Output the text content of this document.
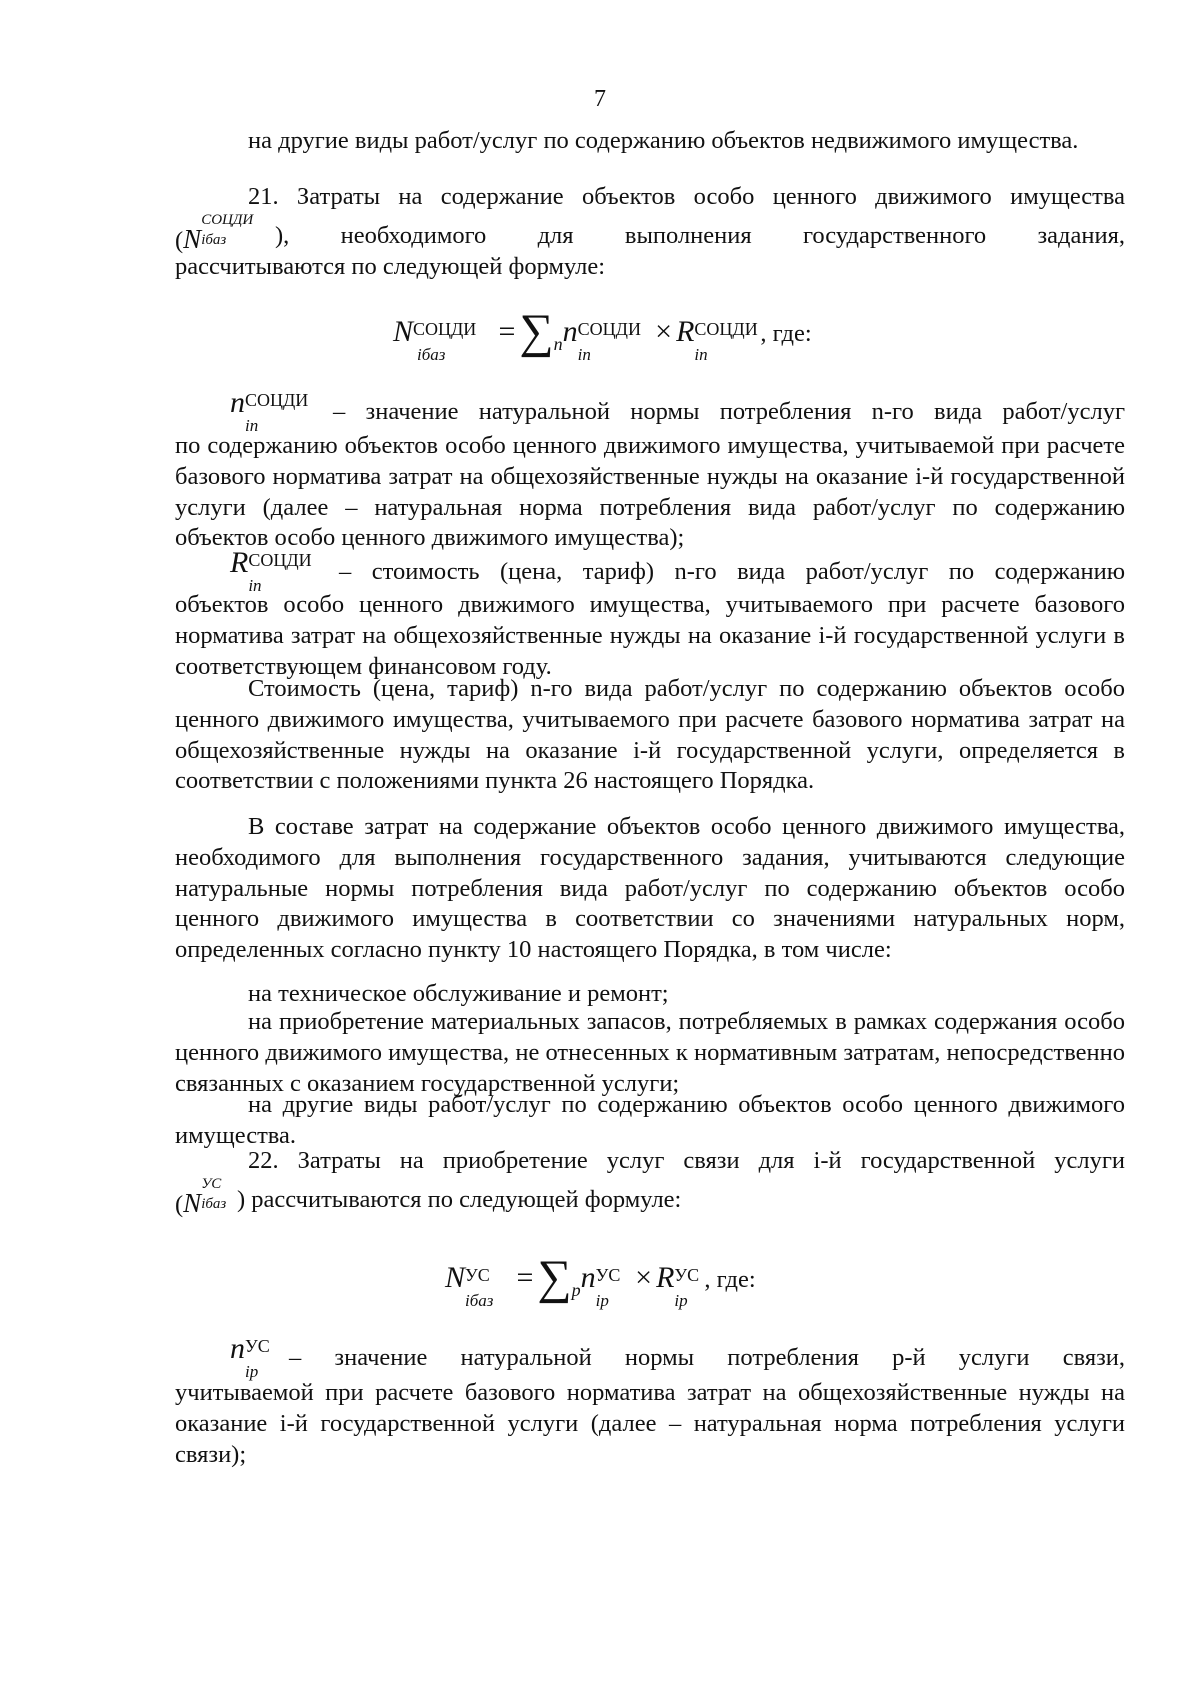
7

на другие виды работ/услуг по содержанию объектов недвижимого имущества.

21. Затраты на содержание объектов особо ценного движимого имущества

(N
СОЦДИ
iбаз ), необходимого для выполнения государственного задания,

рассчитываются по следующей формуле:

N СОЦДИ
iбаз
$=\sum_nn$ СОЦДИ
in
× R СОЦДИ
in
, где:
n СОЦДИ
in
– значение натуральной нормы потребления n-го вида работ/услуг

по содержанию объектов особо ценного движимого имущества, учитываемой при расчете базового норматива затрат на общехозяйственные нужды на оказание i-й государственной услуги (далее – натуральная норма потребления вида работ/услуг по содержанию объектов особо ценного движимого имущества);

R СОЦДИ
in
– стоимость (цена, тариф) n-го вида работ/услуг по содержанию

объектов особо ценного движимого имущества, учитываемого при расчете базового норматива затрат на общехозяйственные нужды на оказание i-й государственной услуги в соответствующем финансовом году.

Стоимость (цена, тариф) n-го вида работ/услуг по содержанию объектов особо ценного движимого имущества, учитываемого при расчете базового норматива затрат на общехозяйственные нужды на оказание i-й государственной услуги, определяется в соответствии с положениями пункта 26 настоящего Порядка.

В составе затрат на содержание объектов особо ценного движимого имущества, необходимого для выполнения государственного задания, учитываются следующие натуральные нормы потребления вида работ/услуг по содержанию объектов особо ценного движимого имущества в соответствии со значениями натуральных норм, определенных согласно пункту 10 настоящего Порядка, в том числе:

на техническое обслуживание и ремонт;

на приобретение материальных запасов, потребляемых в рамках содержания особо ценного движимого имущества, не отнесенных к нормативным затратам, непосредственно связанных с оказанием государственной услуги;

на другие виды работ/услуг по содержанию объектов особо ценного движимого имущества.

22. Затраты на приобретение услуг связи для i-й государственной услуги

(N
УС
iбаз ) рассчитываются по следующей формуле:
N УС
iбаз
$=\sum_pn$ УС
ip
× R УС
ip
, где:
n УС
ip
– значение натуральной нормы потребления p-й услуги связи,

учитываемой при расчете базового норматива затрат на общехозяйственные нужды на оказание i-й государственной услуги (далее – натуральная норма потребления услуги связи);
